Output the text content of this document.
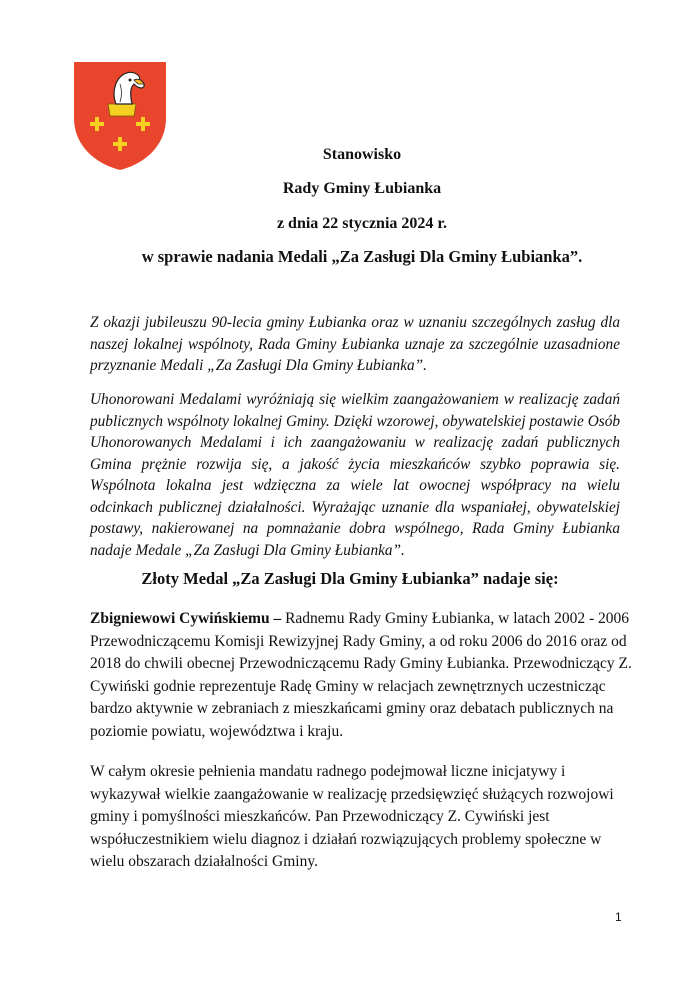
Stanowisko

Rady Gminy Łubianka

z dnia 22 stycznia 2024 r.

w sprawie nadania Medali „Za Zasługi Dla Gminy Łubianka”.

Z okazji jubileuszu 90-lecia gminy Łubianka oraz w uznaniu szczególnych zasług dla naszej lokalnej wspólnoty, Rada Gminy Łubianka uznaje za szczególnie uzasadnione przyznanie Medali „Za Zasługi Dla Gminy Łubianka”.

Uhonorowani Medalami wyróżniają się wielkim zaangażowaniem w realizację zadań publicznych wspólnoty lokalnej Gminy. Dzięki wzorowej, obywatelskiej postawie Osób Uhonorowanych Medalami i ich zaangażowaniu w realizację zadań publicznych Gmina prężnie rozwija się, a jakość życia mieszkańców szybko poprawia się. Wspólnota lokalna jest wdzięczna za wiele lat owocnej współpracy na wielu odcinkach publicznej działalności. Wyrażając uznanie dla wspaniałej, obywatelskiej postawy, nakierowanej na pomnażanie dobra wspólnego, Rada Gminy Łubianka nadaje Medale „Za Zasługi Dla Gminy Łubianka”.

Złoty Medal „Za Zasługi Dla Gminy Łubianka” nadaje się:

Zbigniewowi Cywińskiemu – Radnemu Rady Gminy Łubianka, w latach 2002 - 2006 Przewodniczącemu Komisji Rewizyjnej Rady Gminy, a od roku 2006 do 2016 oraz od 2018 do chwili obecnej Przewodniczącemu Rady Gminy Łubianka. Przewodniczący Z. Cywiński godnie reprezentuje Radę Gminy w relacjach zewnętrznych uczestnicząc bardzo aktywnie w zebraniach z mieszkańcami gminy oraz debatach publicznych na poziomie powiatu, województwa i kraju.

W całym okresie pełnienia mandatu radnego podejmował liczne inicjatywy i wykazywał wielkie zaangażowanie w realizację przedsięwzięć służących rozwojowi gminy i pomyślności mieszkańców. Pan Przewodniczący Z. Cywiński jest współuczestnikiem wielu diagnoz i działań rozwiązujących problemy społeczne w wielu obszarach działalności Gminy.

1
